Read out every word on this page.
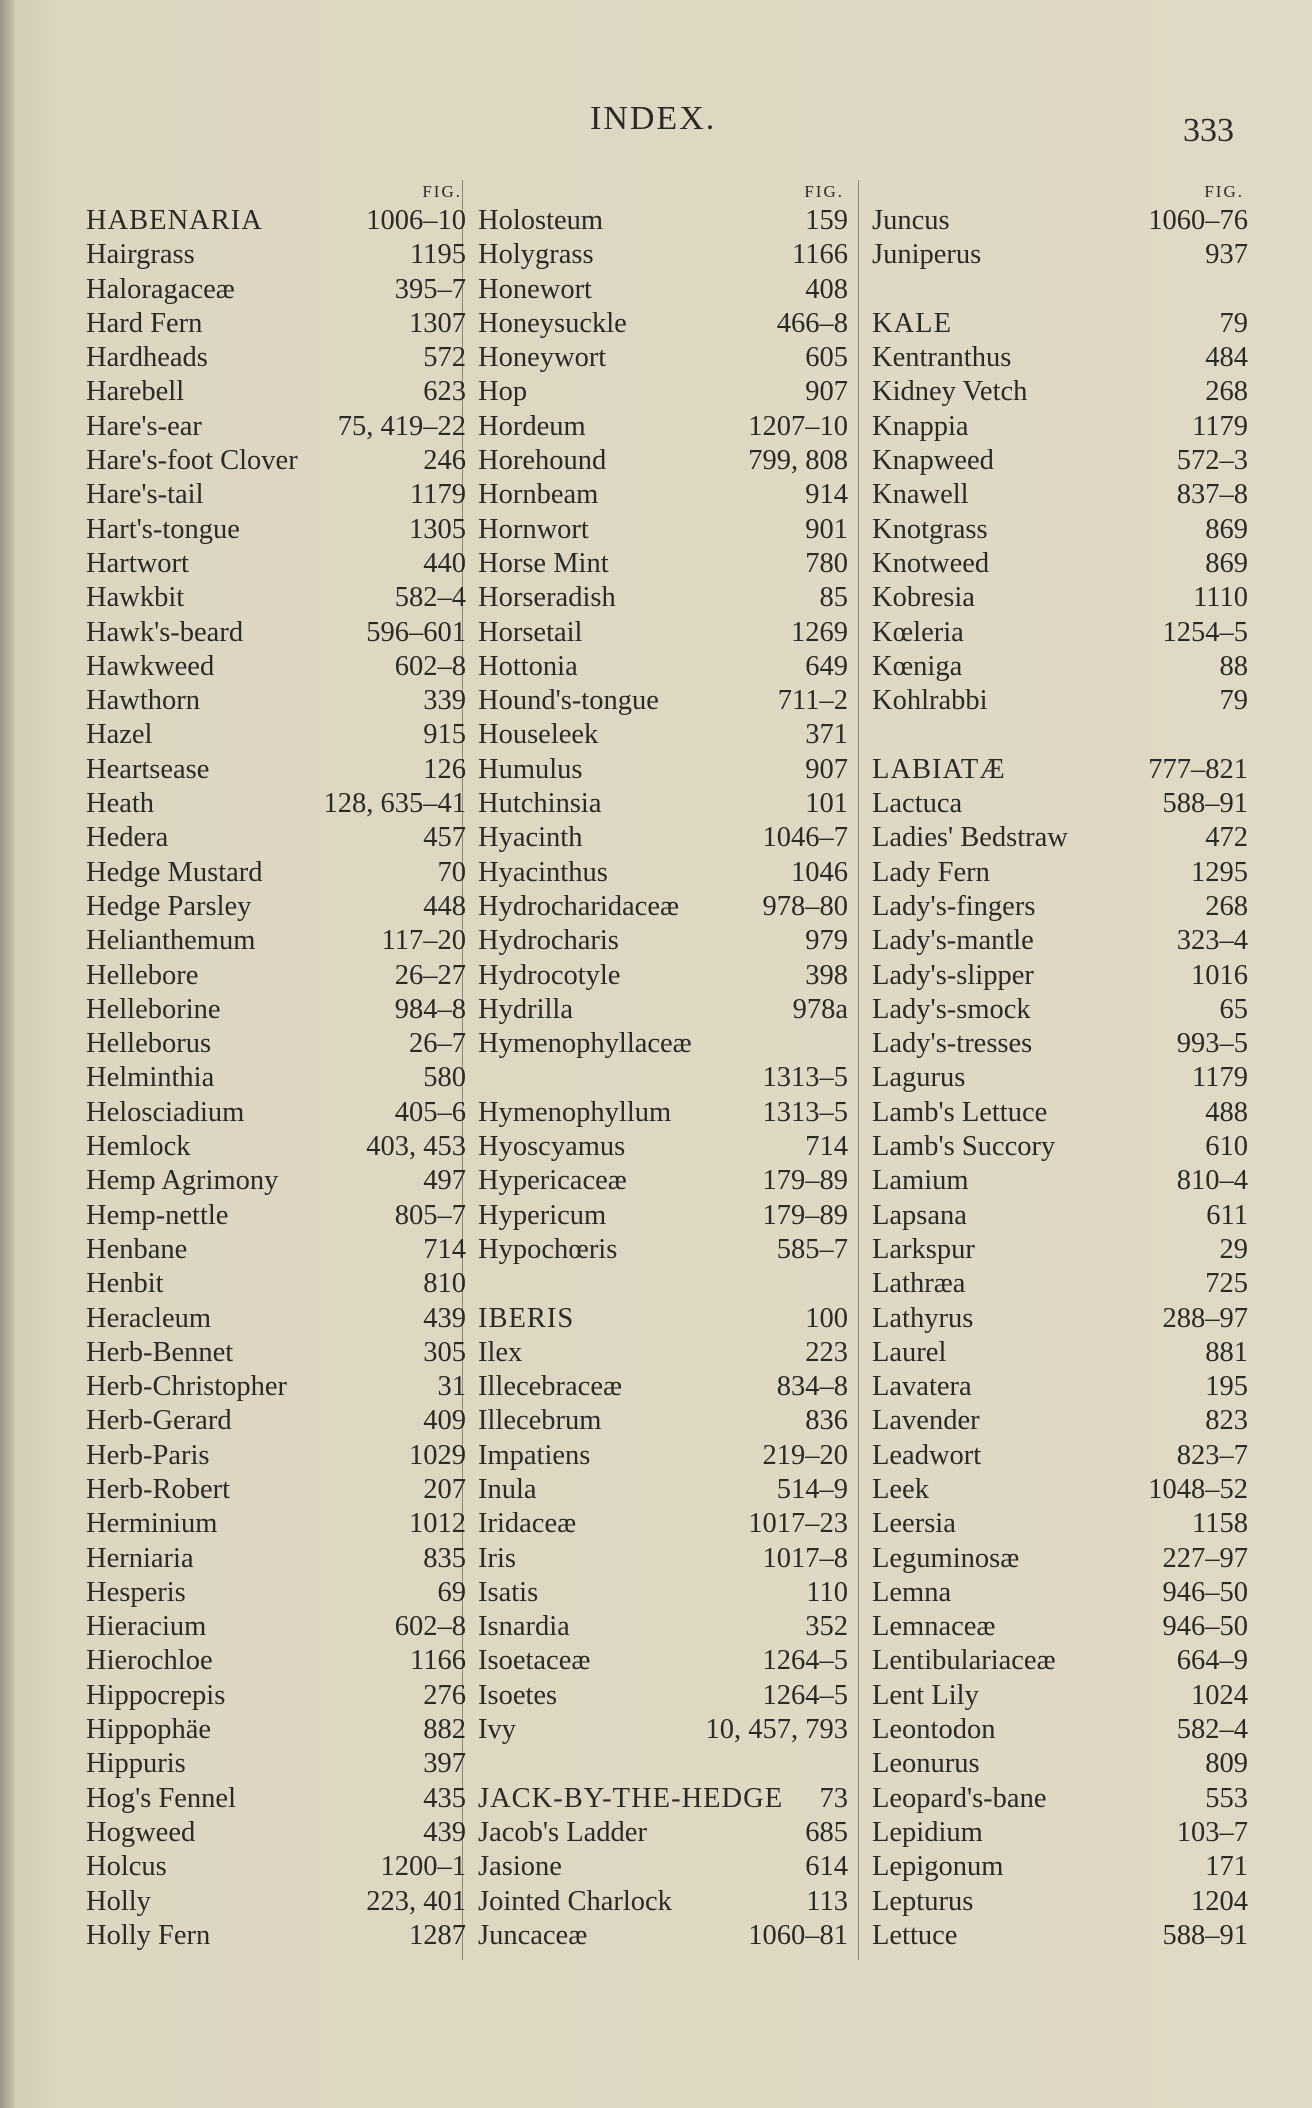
INDEX.	333
FIG.
HABENARIA	1006–10
Hairgrass	1195
Haloragaceæ	395–7
Hard Fern	1307
Hardheads	572
Harebell	623
Hare's-ear	75, 419–22
Hare's-foot Clover	246
Hare's-tail	1179
Hart's-tongue	1305
Hartwort	440
Hawkbit	582–4
Hawk's-beard	596–601
Hawkweed	602–8
Hawthorn	339
Hazel	915
Heartsease	126
Heath	128, 635–41
Hedera	457
Hedge Mustard	70
Hedge Parsley	448
Helianthemum	117–20
Hellebore	26–27
Helleborine	984–8
Helleborus	26–7
Helminthia	580
Helosciadium	405–6
Hemlock	403, 453
Hemp Agrimony	497
Hemp-nettle	805–7
Henbane	714
Henbit	810
Heracleum	439
Herb-Bennet	305
Herb-Christopher	31
Herb-Gerard	409
Herb-Paris	1029
Herb-Robert	207
Herminium	1012
Herniaria	835
Hesperis	69
Hieracium	602–8
Hierochloe	1166
Hippocrepis	276
Hippophäe	882
Hippuris	397
Hog's Fennel	435
Hogweed	439
Holcus	1200–1
Holly	223, 401
Holly Fern	1287
FIG.
Holosteum	159
Holygrass	1166
Honewort	408
Honeysuckle	466–8
Honeywort	605
Hop	907
Hordeum	1207–10
Horehound	799, 808
Hornbeam	914
Hornwort	901
Horse Mint	780
Horseradish	85
Horsetail	1269
Hottonia	649
Hound's-tongue	711–2
Houseleek	371
Humulus	907
Hutchinsia	101
Hyacinth	1046–7
Hyacinthus	1046
Hydrocharidaceæ	978–80
Hydrocharis	979
Hydrocotyle	398
Hydrilla	978a
Hymenophyllaceæ
1313–5
Hymenophyllum	1313–5
Hyoscyamus	714
Hypericaceæ	179–89
Hypericum	179–89
Hypochœris	585–7
IBERIS	100
Ilex	223
Illecebraceæ	834–8
Illecebrum	836
Impatiens	219–20
Inula	514–9
Iridaceæ	1017–23
Iris	1017–8
Isatis	110
Isnardia	352
Isoetaceæ	1264–5
Isoetes	1264–5
Ivy	10, 457, 793
JACK-BY-THE-HEDGE 73
Jacob's Ladder	685
Jasione	614
Jointed Charlock	113
Juncaceæ	1060–81
FIG.
Juncus	1060–76
Juniperus	937
KALE	79
Kentranthus	484
Kidney Vetch	268
Knappia	1179
Knapweed	572–3
Knawell	837–8
Knotgrass	869
Knotweed	869
Kobresia	1110
Kœleria	1254–5
Kœniga	88
Kohlrabbi	79
LABIATÆ	777–821
Lactuca	588–91
Ladies' Bedstraw	472
Lady Fern	1295
Lady's-fingers	268
Lady's-mantle	323–4
Lady's-slipper	1016
Lady's-smock	65
Lady's-tresses	993–5
Lagurus	1179
Lamb's Lettuce	488
Lamb's Succory	610
Lamium	810–4
Lapsana	611
Larkspur	29
Lathræa	725
Lathyrus	288–97
Laurel	881
Lavatera	195
Lavender	823
Leadwort	823–7
Leek	1048–52
Leersia	1158
Leguminosæ	227–97
Lemna	946–50
Lemnaceæ	946–50
Lentibulariaceæ	664–9
Lent Lily	1024
Leontodon	582–4
Leonurus	809
Leopard's-bane	553
Lepidium	103–7
Lepigonum	171
Lepturus	1204
Lettuce	588–91
